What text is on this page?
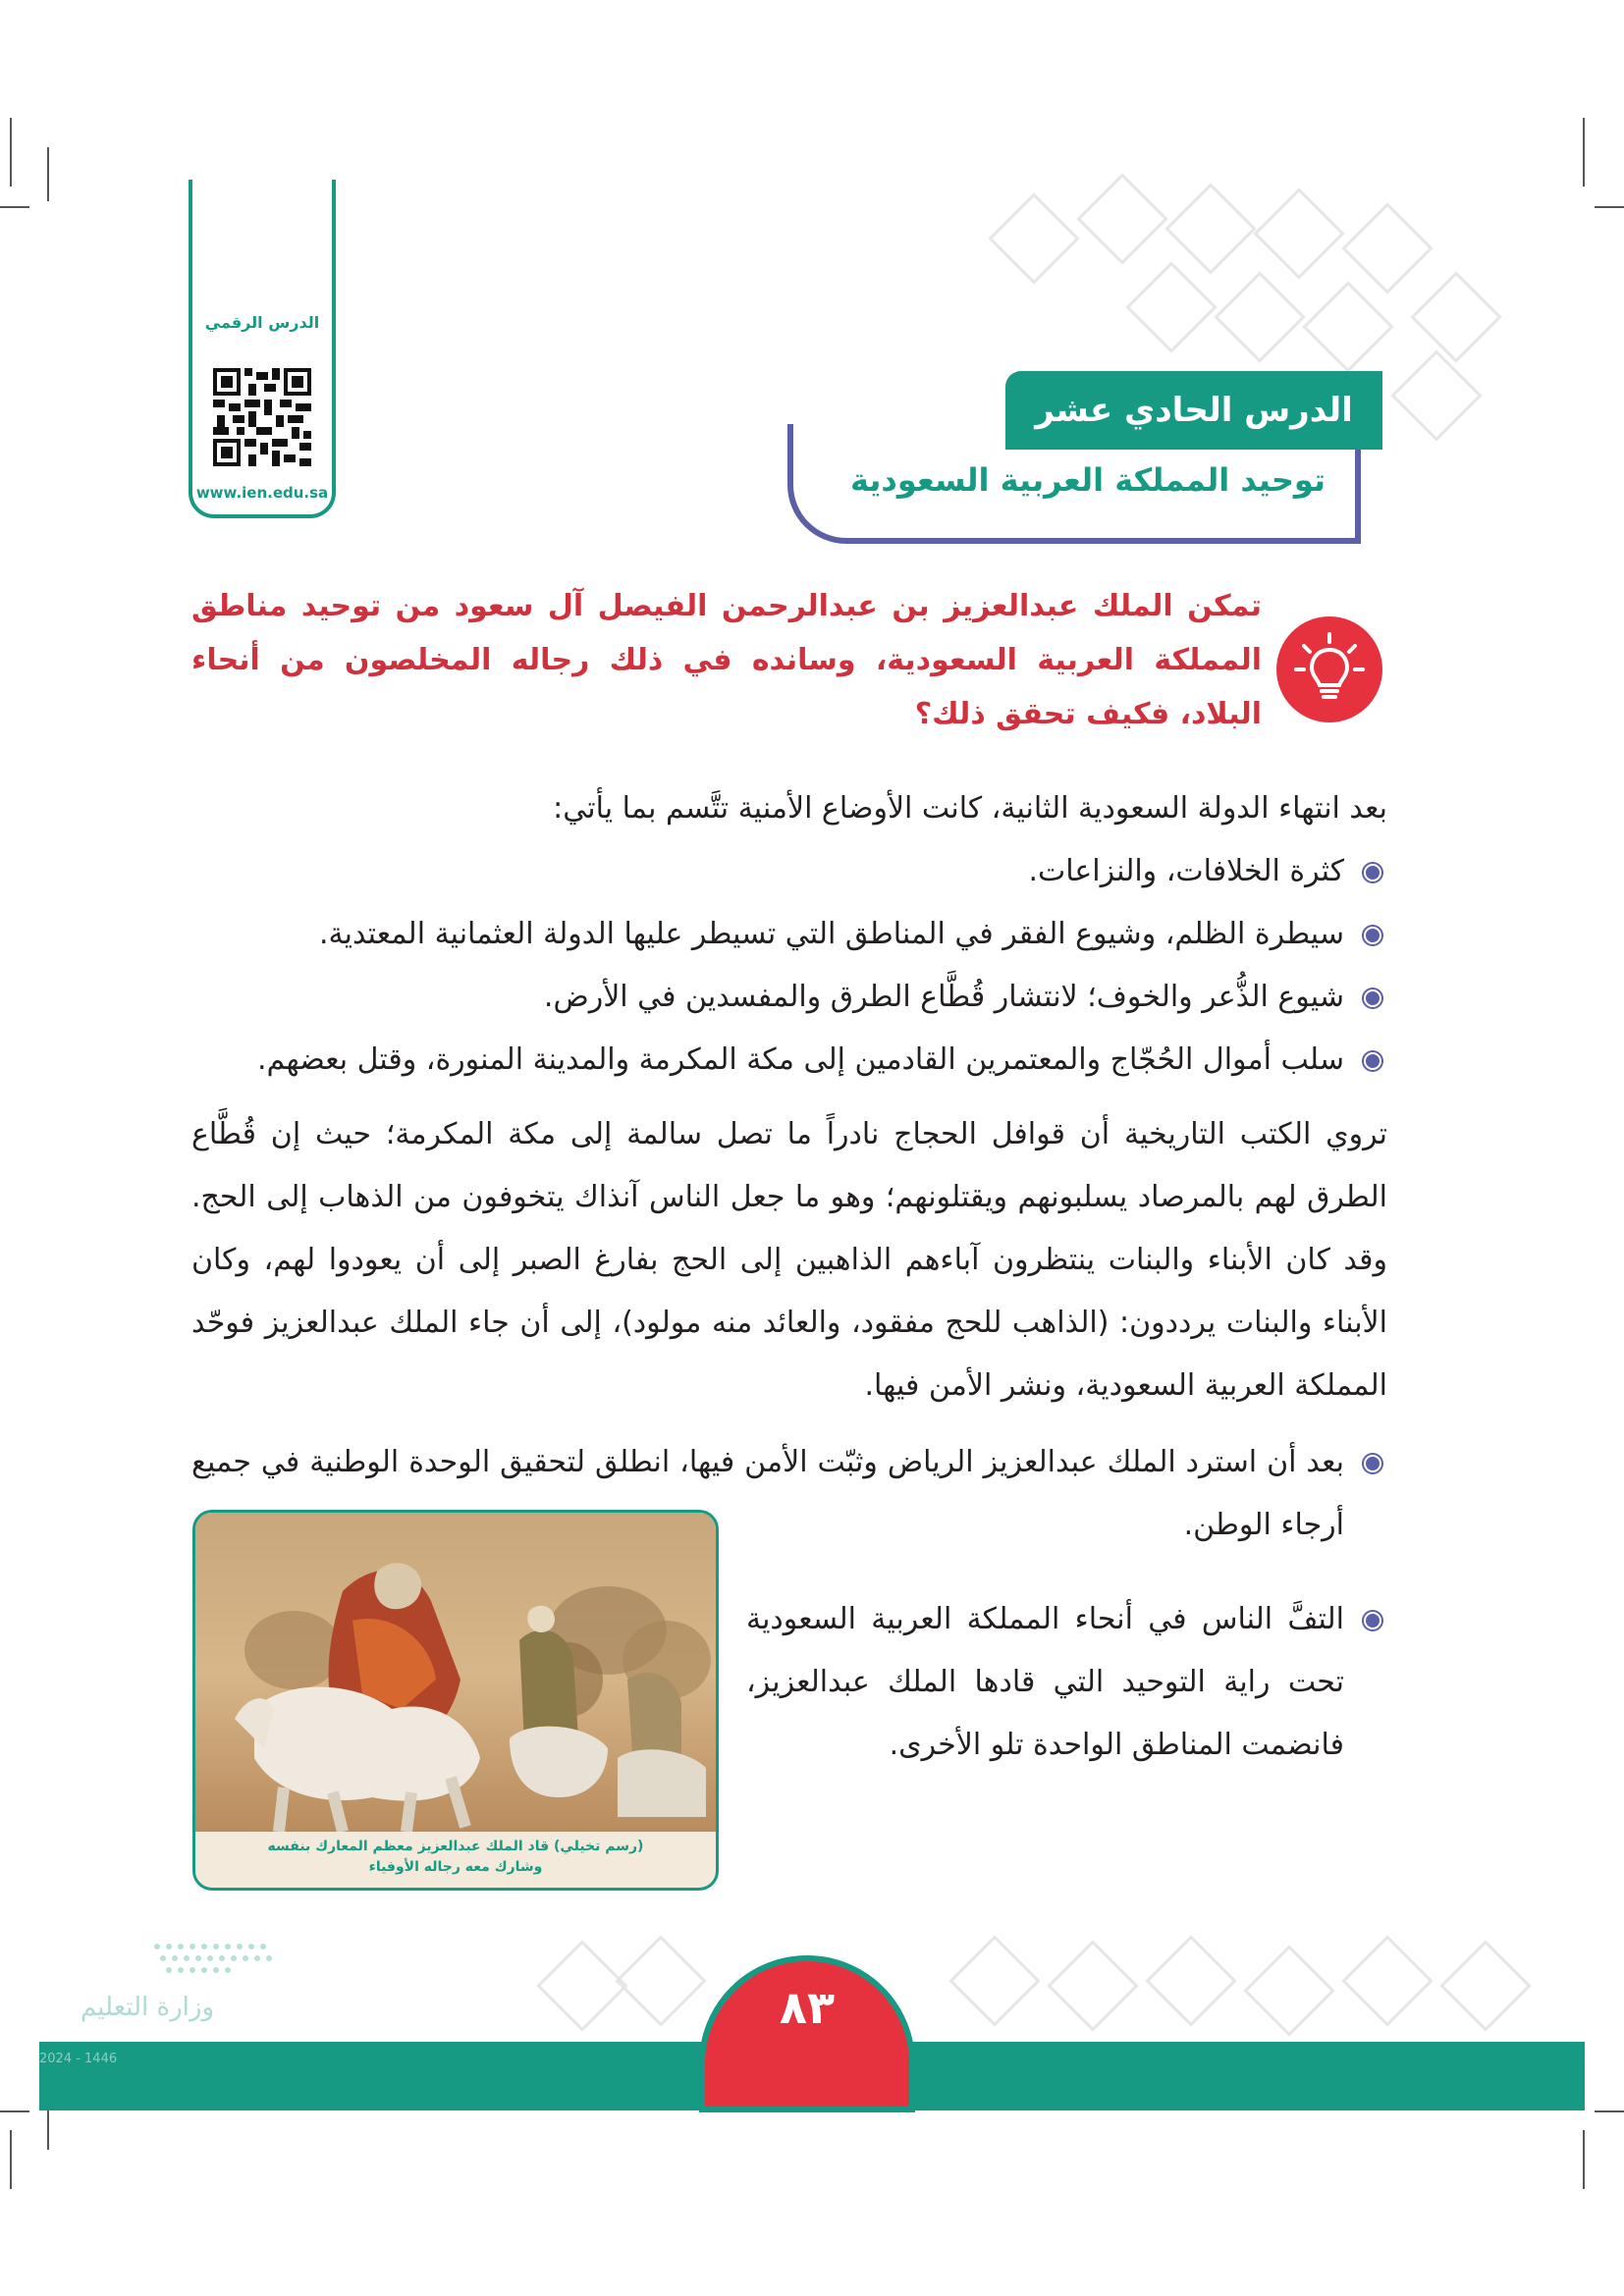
الدرس الرقمي
www.ien.edu.sa
الدرس الحادي عشر
توحيد المملكة العربية السعودية
تمكن الملك عبدالعزيز بن عبدالرحمن الفيصل آل سعود من توحيد مناطق المملكة العربية السعودية، وسانده في ذلك رجاله المخلصون من أنحاء البلاد، فكيف تحقق ذلك؟
بعد انتهاء الدولة السعودية الثانية، كانت الأوضاع الأمنية تتَّسم بما يأتي:
كثرة الخلافات، والنزاعات.
سيطرة الظلم، وشيوع الفقر في المناطق التي تسيطر عليها الدولة العثمانية المعتدية.
شيوع الذُّعر والخوف؛ لانتشار قُطَّاع الطرق والمفسدين في الأرض.
سلب أموال الحُجّاج والمعتمرين القادمين إلى مكة المكرمة والمدينة المنورة، وقتل بعضهم.
تروي الكتب التاريخية أن قوافل الحجاج نادراً ما تصل سالمة إلى مكة المكرمة؛ حيث إن قُطَّاع الطرق لهم بالمرصاد يسلبونهم ويقتلونهم؛ وهو ما جعل الناس آنذاك يتخوفون من الذهاب إلى الحج. وقد كان الأبناء والبنات ينتظرون آباءهم الذاهبين إلى الحج بفارغ الصبر إلى أن يعودوا لهم، وكان الأبناء والبنات يرددون: (الذاهب للحج مفقود، والعائد منه مولود)، إلى أن جاء الملك عبدالعزيز فوحّد المملكة العربية السعودية، ونشر الأمن فيها.
بعد أن استرد الملك عبدالعزيز الرياض وثبّت الأمن فيها، انطلق لتحقيق الوحدة الوطنية في جميع أرجاء الوطن.
التفَّ الناس في أنحاء المملكة العربية السعودية تحت راية التوحيد التي قادها الملك عبدالعزيز، فانضمت المناطق الواحدة تلو الأخرى.
(رسم تخيلي) قاد الملك عبدالعزيز معظم المعارك بنفسه
وشارك معه رجاله الأوفياء
وزارة التعليم
2024 - 1446
٨٣
